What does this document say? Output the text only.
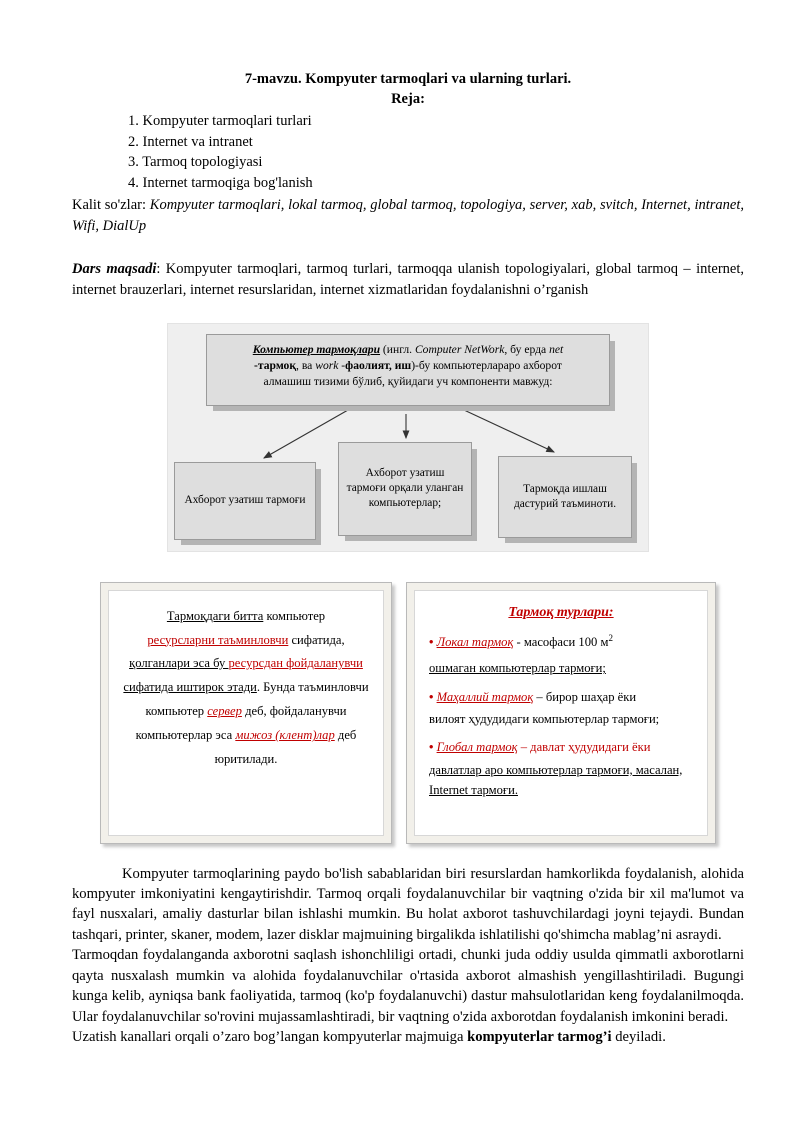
7-mavzu. Kompyuter tarmoqlari va ularning turlari.
Reja:
1. Kompyuter tarmoqlari turlari
2. Internet va intranet
3. Tarmoq topologiyasi
4. Internet tarmoqiga bog'lanish
Kalit so'zlar: Kompyuter tarmoqlari, lokal tarmoq, global tarmoq, topologiya, server, xab, svitch, Internet, intranet, Wifi, DialUp
Dars maqsadi: Kompyuter tarmoqlari, tarmoq turlari, tarmoqqa ulanish topologiyalari, global tarmoq – internet, internet brauzerlari, internet resurslaridan, internet xizmatlaridan foydalanishni o’rganish
Компьютер тармоқлари (ингл. Computer NetWork, бу ерда net
-тармоқ, ва work -фаолият, иш)-бу компьютерлараро ахборот
алмашиш тизими бўлиб, қуйидаги уч компоненти мавжуд:
Ахборот узатиш тармоғи
Ахборот узатиш тармоғи орқали уланган компьютерлар;
Тармоқда ишлаш дастурий таъминоти.
Тармоқдаги битта компьютер
ресурсларни таъминловчи сифатида,
қолганлари эса бу ресурсдан фойдаланувчи
сифатида иштирок этади. Бунда таъминловчи
компьютер сервер деб, фойдаланувчи
компьютерлар эса мижоз (клент)лар деб
юритилади.
Тармоқ турлари:
• Локал тармоқ - масофаси 100 $м^2$
ошмаган компьютерлар тармоғи;
• Маҳаллий тармоқ – бирор шаҳар ёки
вилоят ҳудудидаги компьютерлар тармоғи;
• Глобал тармоқ – давлат ҳудудидаги ёки
давлатлар аро компьютерлар тармоғи, масалан, Internet тармоғи.

Kompyuter tarmoqlarining paydo bo'lish sabablaridan biri resurslardan hamkorlikda foydalanish, alohida kompyuter imkoniyatini kengaytirishdir. Tarmoq orqali foydalanuvchilar bir vaqtning o'zida bir xil ma'lumot va fayl nusxalari, amaliy dasturlar bilan ishlashi mumkin. Bu holat axborot tashuvchilardagi joyni tejaydi. Bundan tashqari, printer, skaner, modem, lazer disklar majmuining birgalikda ishlatilishi qo'shimcha mablag’ni asraydi.

Tarmoqdan foydalanganda axborotni saqlash ishonchliligi ortadi, chunki juda oddiy usulda qimmatli axborotlarni qayta nusxalash mumkin va alohida foydalanuvchilar o'rtasida axborot almashish yengillashtiriladi. Bugungi kunga kelib, ayniqsa bank faoliyatida, tarmoq (ko'p foydalanuvchi) dastur mahsulotlaridan keng foydalanilmoqda. Ular foydalanuvchilar so'rovini mujassamlashtiradi, bir vaqtning o'zida axborotdan foydalanish imkonini beradi.

Uzatish kanallari orqali o’zaro bog’langan kompyuterlar majmuiga kompyuterlar tarmog’i deyiladi.
